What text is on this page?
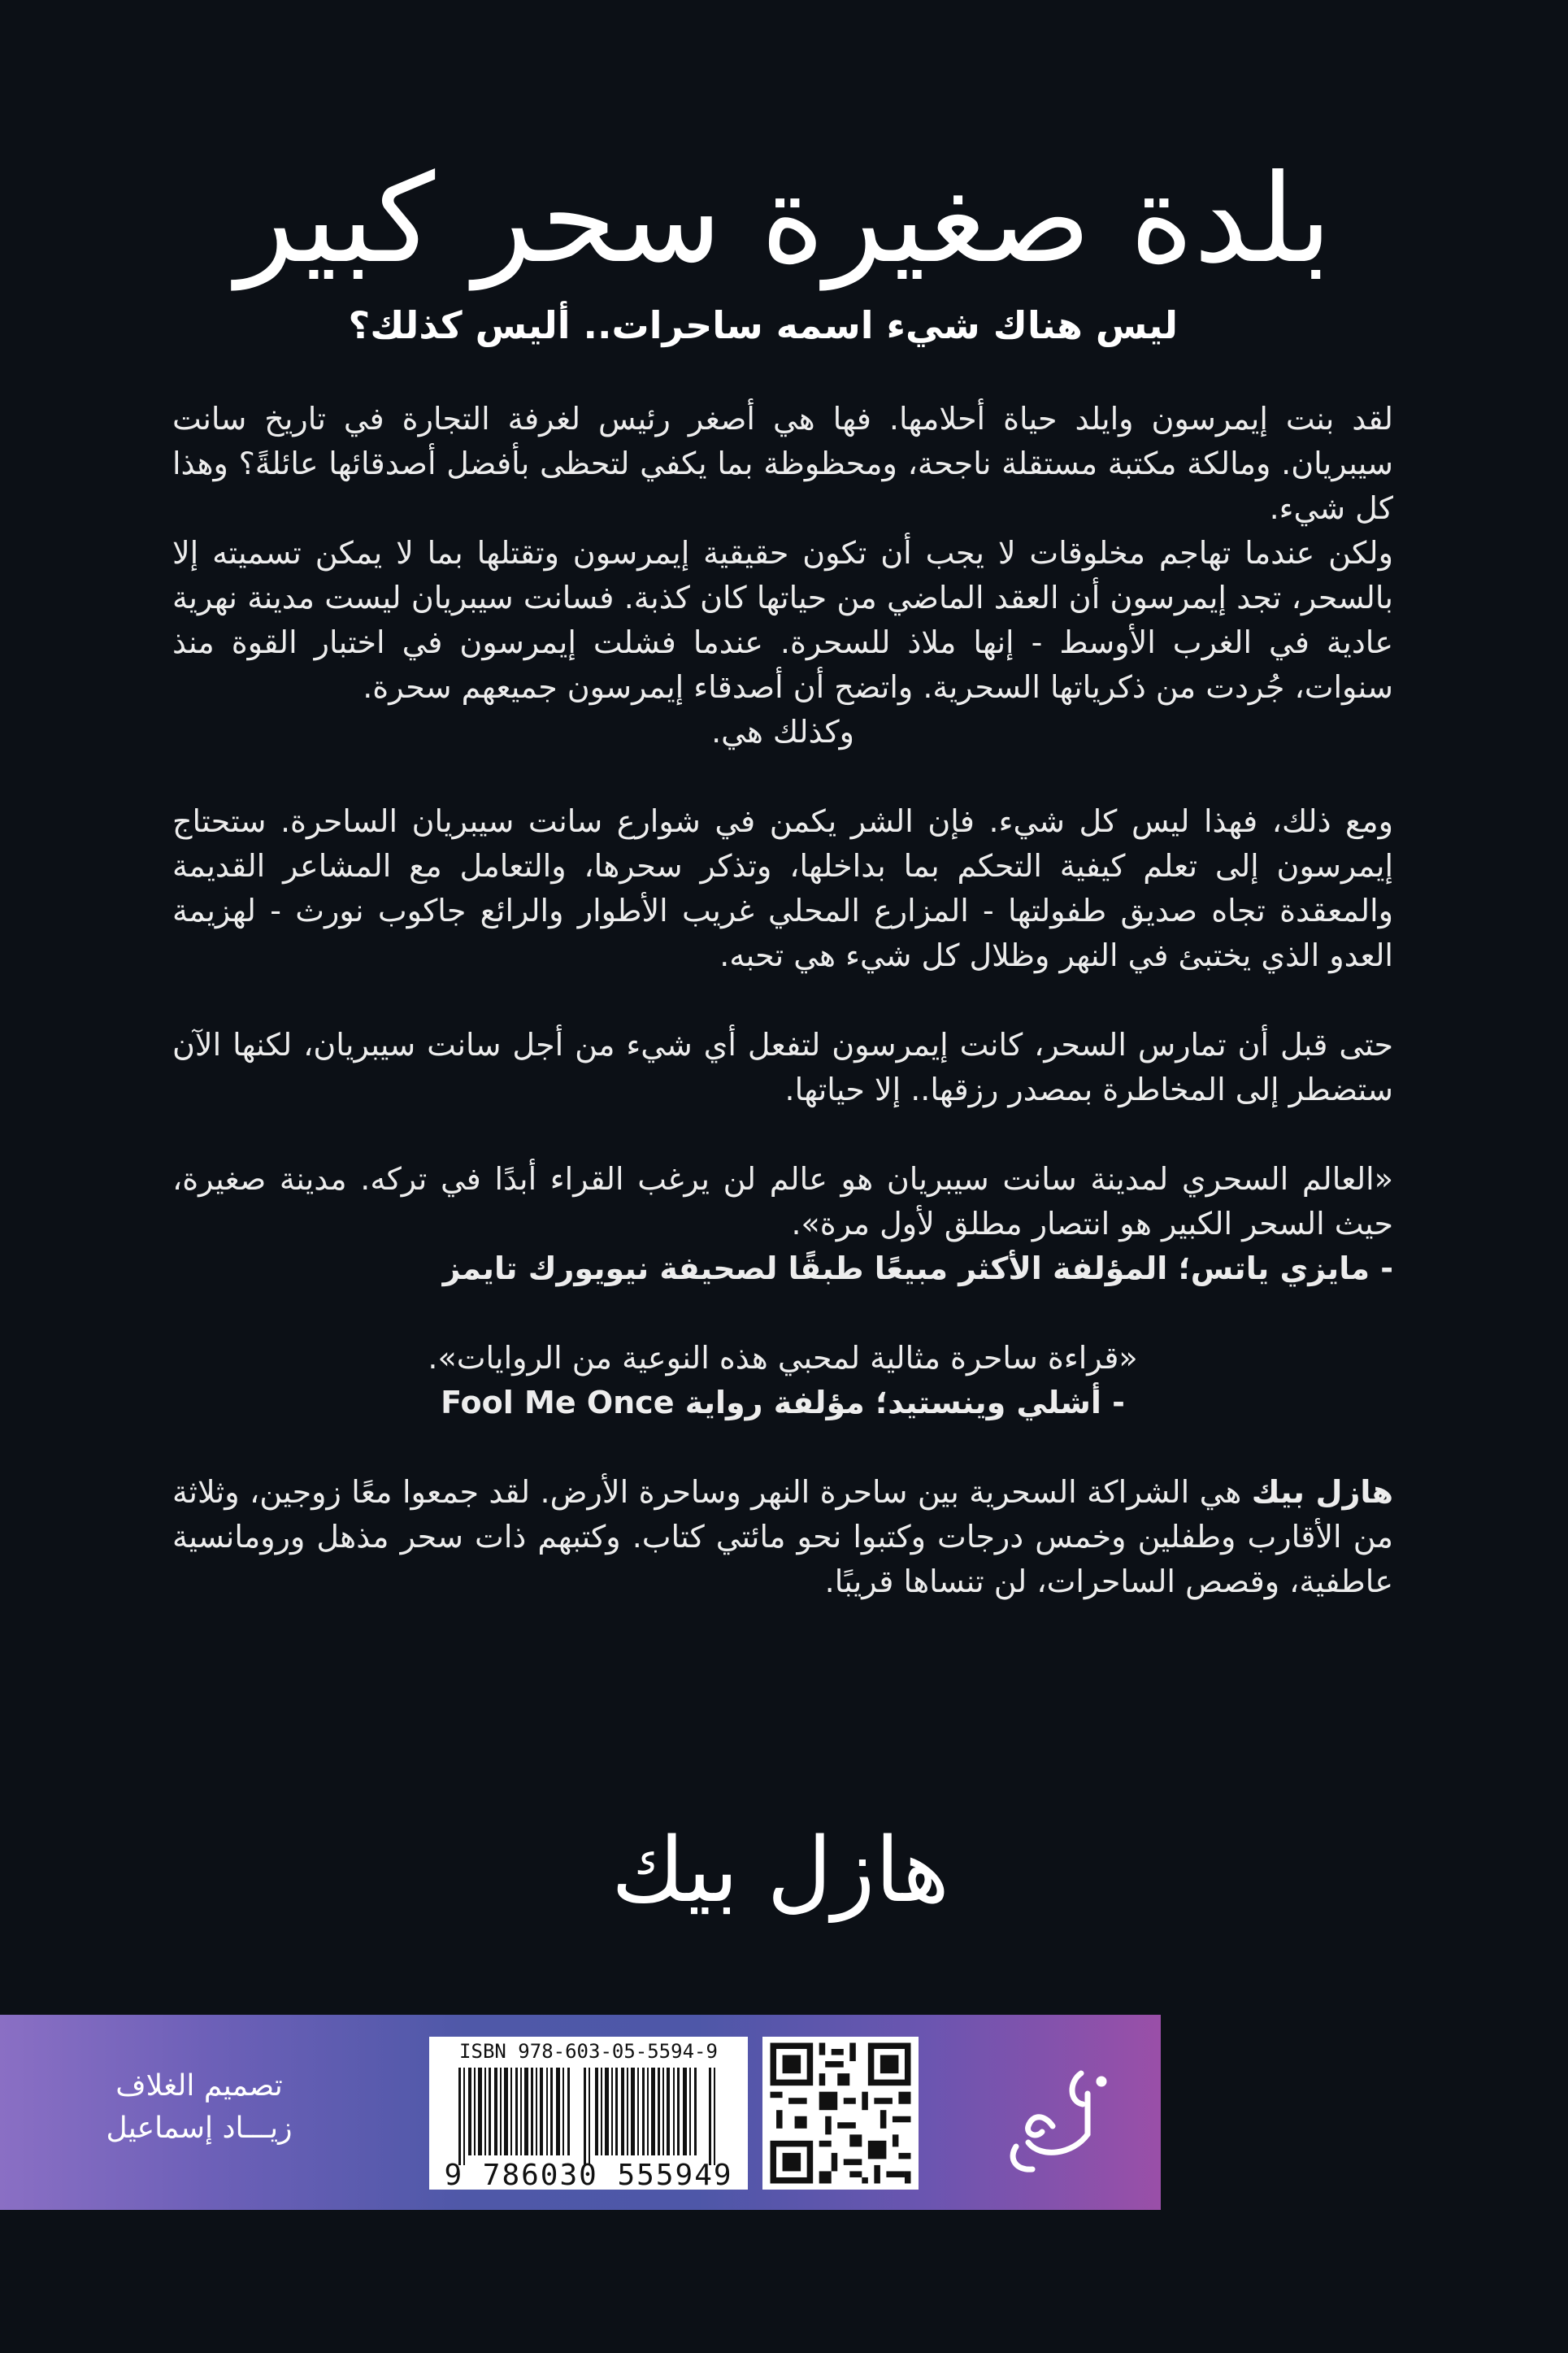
بلدة صغيرة سحر كبير
ليس هناك شيء اسمه ساحرات.. أليس كذلك؟

لقد بنت إيمرسون وايلد حياة أحلامها. فها هي أصغر رئيس لغرفة التجارة في تاريخ سانت سيبريان. ومالكة مكتبة مستقلة ناجحة، ومحظوظة بما يكفي لتحظى بأفضل أصدقائها عائلةً؟ وهذا كل شيء.

ولكن عندما تهاجم مخلوقات لا يجب أن تكون حقيقية إيمرسون وتقتلها بما لا يمكن تسميته إلا بالسحر، تجد إيمرسون أن العقد الماضي من حياتها كان كذبة. فسانت سيبريان ليست مدينة نهرية عادية في الغرب الأوسط - إنها ملاذ للسحرة. عندما فشلت إيمرسون في اختبار القوة منذ سنوات، جُردت من ذكرياتها السحرية. واتضح أن أصدقاء إيمرسون جميعهم سحرة.

وكذلك هي.

ومع ذلك، فهذا ليس كل شيء. فإن الشر يكمن في شوارع سانت سيبريان الساحرة. ستحتاج إيمرسون إلى تعلم كيفية التحكم بما بداخلها، وتذكر سحرها، والتعامل مع المشاعر القديمة والمعقدة تجاه صديق طفولتها - المزارع المحلي غريب الأطوار والرائع جاكوب نورث - لهزيمة العدو الذي يختبئ في النهر وظلال كل شيء هي تحبه.

حتى قبل أن تمارس السحر، كانت إيمرسون لتفعل أي شيء من أجل سانت سيبريان، لكنها الآن ستضطر إلى المخاطرة بمصدر رزقها.. إلا حياتها.

«العالم السحري لمدينة سانت سيبريان هو عالم لن يرغب القراء أبدًا في تركه. مدينة صغيرة، حيث السحر الكبير هو انتصار مطلق لأول مرة».
- مايزي ياتس؛ المؤلفة الأكثر مبيعًا طبقًا لصحيفة نيويورك تايمز
«قراءة ساحرة مثالية لمحبي هذه النوعية من الروايات».
- أشلي وينستيد؛ مؤلفة رواية Fool Me Once

هازل بيك هي الشراكة السحرية بين ساحرة النهر وساحرة الأرض. لقد جمعوا معًا زوجين، وثلاثة من الأقارب وطفلين وخمس درجات وكتبوا نحو مائتي كتاب. وكتبهم ذات سحر مذهل ورومانسية عاطفية، وقصص الساحرات، لن تنساها قريبًا.

هازل بيك
تصميم الغلاف
زيـــاد إسماعيل
ISBN 978-603-05-5594-9
9 786030 555949
